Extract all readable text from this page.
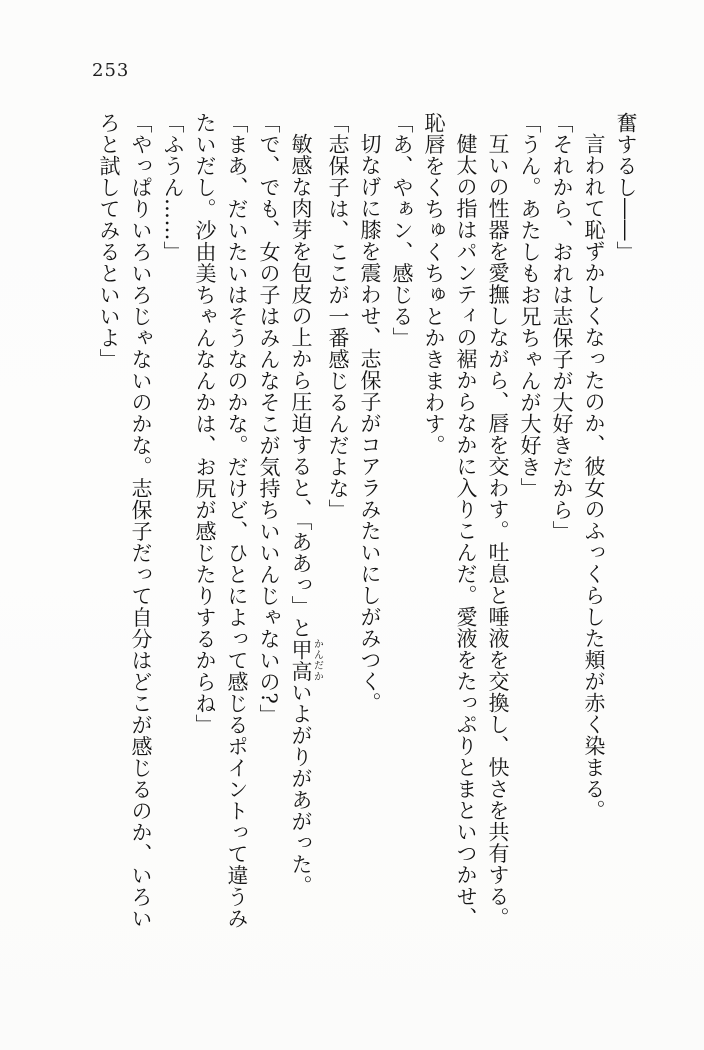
253

奮するし――」

言われて恥ずかしくなったのか、彼女のふっくらした頬が赤く染まる。

「それから、おれは志保子が大好きだから」

「うん。あたしもお兄ちゃんが大好き」

互いの性器を愛撫しながら、唇を交わす。吐息と唾液を交換し、快さを共有する。

健太の指はパンティの裾からなかに入りこんだ。愛液をたっぷりとまといつかせ、

恥唇をくちゅくちゅとかきまわす。

「あ、やぁン、感じる」

切なげに膝を震わせ、志保子がコアラみたいにしがみつく。

「志保子は、ここが一番感じるんだよな」

敏感な肉芽を包皮の上から圧迫すると、「ああっ」と甲高かんだかいよがりがあがった。

「で、でも、女の子はみんなそこが気持ちいいんじゃないの?」

「まあ、だいたいはそうなのかな。だけど、ひとによって感じるポイントって違うみ

たいだし。沙由美ちゃんなんかは、お尻が感じたりするからね」

「ふうん……」

「やっぱりいろいろじゃないのかな。志保子だって自分はどこが感じるのか、いろい

ろと試してみるといいよ」
